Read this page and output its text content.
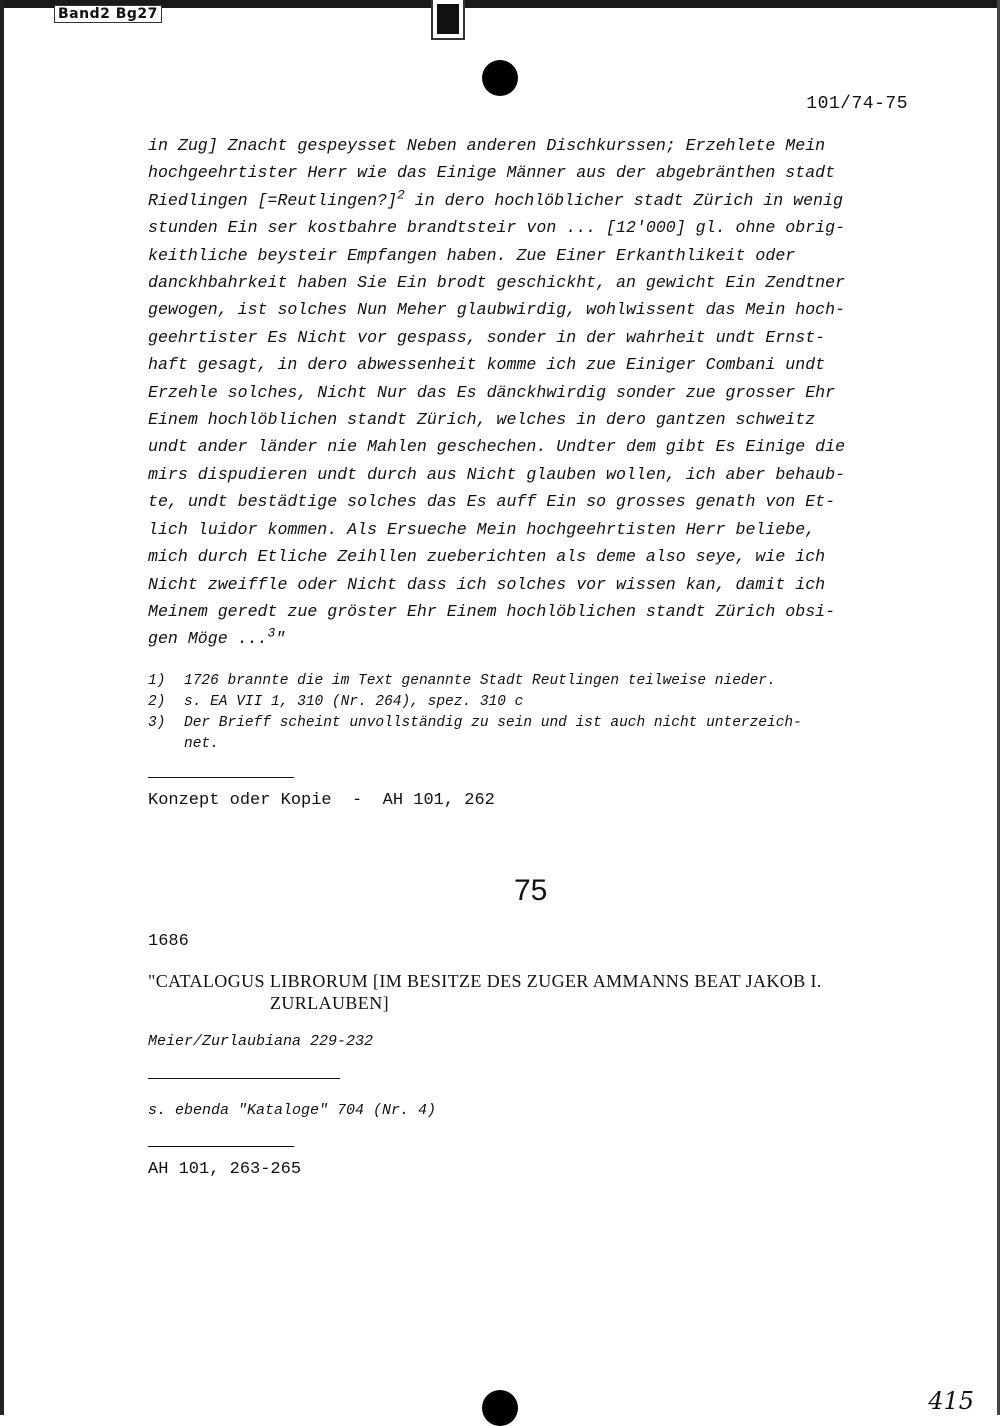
Band2 Bg27
101/74-75

in Zug] Znacht gespeysset Neben anderen Dischkurssen; Erzehlete Mein

hochgeehrtister Herr wie das Einige Männer aus der abgebränthen stadt

Riedlingen [=Reutlingen?]$^2$ in dero hochlöblicher stadt Zürich in wenig

stunden Ein ser kostbahre brandtsteir von ... [12'000] gl. ohne obrig-

keithliche beysteir Empfangen haben. Zue Einer Erkanthlikeit oder

danckhbahrkeit haben Sie Ein brodt geschickht, an gewicht Ein Zendtner

gewogen, ist solches Nun Meher glaubwirdig, wohlwissent das Mein hoch-

geehrtister Es Nicht vor gespass, sonder in der wahrheit undt Ernst-

haft gesagt, in dero abwessenheit komme ich zue Einiger Combani undt

Erzehle solches, Nicht Nur das Es dänckhwirdig sonder zue grosser Ehr

Einem hochlöblichen standt Zürich, welches in dero gantzen schweitz

undt ander länder nie Mahlen geschechen. Undter dem gibt Es Einige die

mirs dispudieren undt durch aus Nicht glauben wollen, ich aber behaub-

te, undt bestädtige solches das Es auff Ein so grosses genath von Et-

lich luidor kommen. Als Ersueche Mein hochgeehrtisten Herr beliebe,

mich durch Etliche Zeihllen zueberichten als deme also seye, wie ich

Nicht zweiffle oder Nicht dass ich solches vor wissen kan, damit ich

Meinem geredt zue gröster Ehr Einem hochlöblichen standt Zürich obsi-

gen Möge ...$^3$"

1)	1726 brannte die im Text genannte Stadt Reutlingen teilweise nieder.
2)	s. EA VII 1, 310 (Nr. 264), spez. 310 c
3)	Der Brieff scheint unvollständig zu sein und ist auch nicht unterzeich-
net.
Konzept oder Kopie  -  AH 101, 262
75
1686
"CATALOGUS LIBRORUM [IM BESITZE DES ZUGER AMMANNS BEAT JAKOB I.
ZURLAUBEN]
Meier/Zurlaubiana 229-232
s. ebenda "Kataloge" 704 (Nr. 4)
AH 101, 263-265
415
